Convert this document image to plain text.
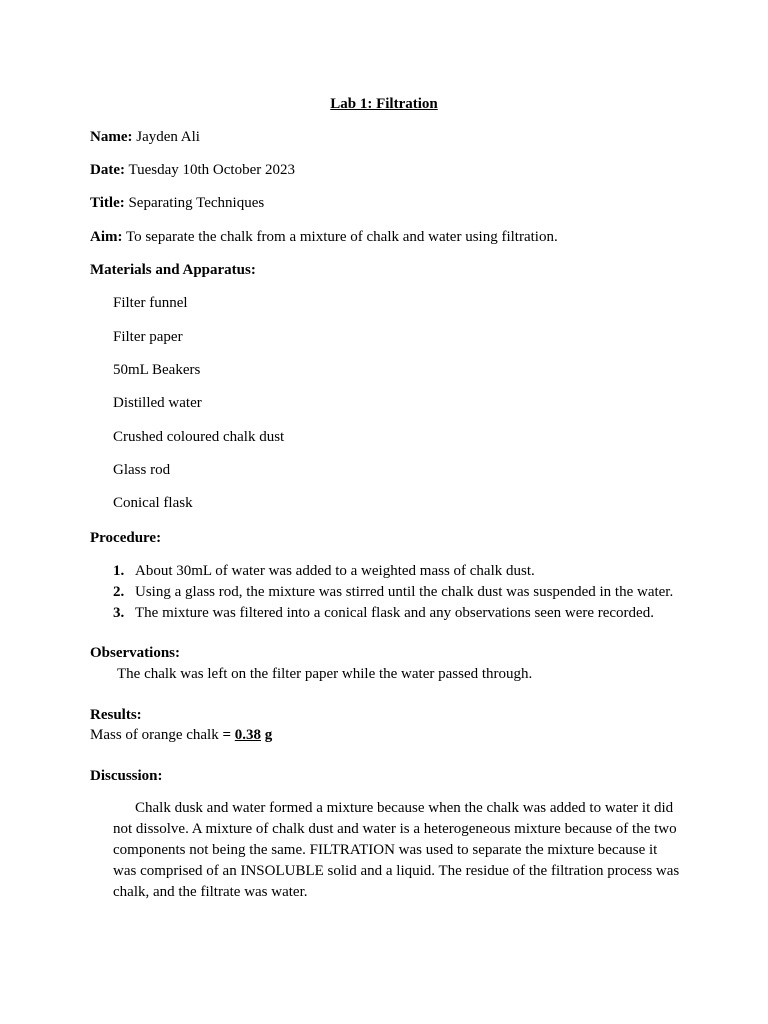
Lab 1: Filtration
Name: Jayden Ali
Date: Tuesday 10th October 2023
Title: Separating Techniques
Aim: To separate the chalk from a mixture of chalk and water using filtration.
Materials and Apparatus:
Filter funnel
Filter paper
50mL Beakers
Distilled water
Crushed coloured chalk dust
Glass rod
Conical flask
Procedure:
1. About 30mL of water was added to a weighted mass of chalk dust.
2. Using a glass rod, the mixture was stirred until the chalk dust was suspended in the water.
3. The mixture was filtered into a conical flask and any observations seen were recorded.
Observations:
The chalk was left on the filter paper while the water passed through.
Results:
Mass of orange chalk = 0.38 g
Discussion:
Chalk dusk and water formed a mixture because when the chalk was added to water it did not dissolve. A mixture of chalk dust and water is a heterogeneous mixture because of the two components not being the same. FILTRATION was used to separate the mixture because it was comprised of an INSOLUBLE solid and a liquid. The residue of the filtration process was chalk, and the filtrate was water.
